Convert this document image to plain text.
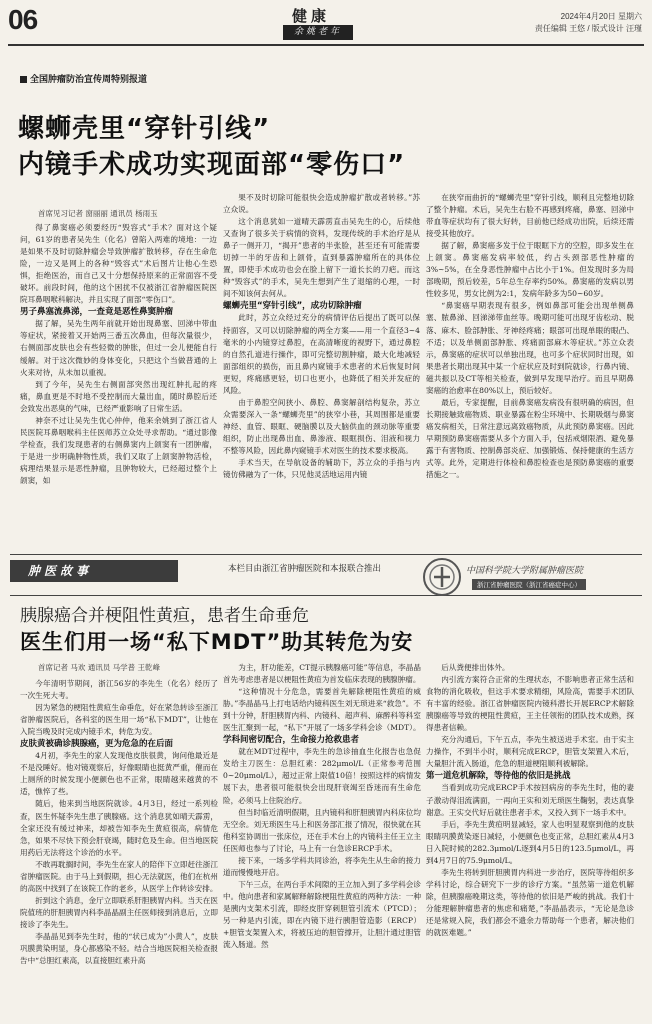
06	健康
余姚老年
2024年4月20日 星期六
责任编辑 王悠 / 版式设计 汪瑾
全国肿瘤防治宣传周特别报道
螺蛳壳里“穿针引线”
内镜手术成功实现面部“零伤口”
首席见习记者 窗丽丽 通讯员 杨雨玉

得了鼻窦癌必须要经历“毁容式”手术？面对这个疑问，61岁的患者吴先生（化名）曾陷入两难的境地：一边是如果不及时切除肿瘤会导致肿瘤扩散转移，存在生命危险，一边又是网上的各种“毁容式”术后图片让他心生恐惧，拒绝医治，而自己又十分想保持原来的正常面容不受破坏。前段时间，他的这个困扰不仅被浙江省肿瘤医院医院耳鼻咽喉科解决，并且实现了面部“零伤口”。

男子鼻塞流鼻涕，一查竟是恶性鼻窦肿瘤

据了解，吴先生两年前就开始出现鼻塞、回涕中带血等症状，紧接着又开始两三番五次鼻血，但每次量很少，右侧面部皮肤也会有些轻微的肿胀，但过一会儿便能自行缓解。对于这次微妙的身体变化，只把这个当做普通的上火来对待，从未加以重视。

到了今年，吴先生右侧面部突然出现红肿扎起的疼痛，鼻血更是不时地不受控制而大量出血，随时鼻腔后还会致发出恶臭的气味，已经严重影响了日常生活。

神奈不过让吴先生优心仲仲，他来余姚到了浙江省人民医院耳鼻咽喉科主任医师苏立众处寻求帮助。“通过影像学检查，我们发现患者的右侧鼻窦内上颌窦有一团肿瘤，于是进一步明确肿物性质，我们又取了上颌窦肿物活检，病理结果显示是恶性肿瘤，且肿物较大，已经超过整个上颌窦，如

果不及时切除可能很快会造成肿瘤扩散或者转移。”苏立众说。

这个消息犹如一道晴天霹雳直击吴先生的心，后续他又查询了很多关于病情的资料，发现传统的手术治疗是从鼻子一侧开刀，“揭开”患者的半张脸，甚至还有可能需要切掉一半的牙齿和上颌骨，直到暴露肿瘤所在的具体位置，即使手术成功也会在脸上留下一道长长的刀疤。而这种“毁容式”的手术，吴先生想到产生了退缩的心理，一时间不知该何去何从。

螺蛳壳里“穿针引线”，成功切除肿瘤

此时，苏立众经过充分的病情评估后提出了既可以保持面容，又可以切除肿瘤的两全方案——用一个直径3~4毫米的小内镜穿过鼻腔，在高清晰度的视野下，通过鼻腔的自然孔道进行操作，即可完整切割肿瘤，最大化地减轻面部组织的损伤，而且鼻内窥镜手术患者的术后恢复时间更短，疼痛感更轻，切口也更小，也降低了相关并发症的风险。

由于鼻腔空间狭小、鼻腔、鼻窦解剖结构复杂，苏立众需要深入一条“螺蛳壳里”的狭窄小巷，其周围都是重要神经、血管、眼眶、硬脑膜以及大脑供血的颈动脉等重要组织，防止出现鼻出血、鼻渗液、眼眶损伤、泪液和视力不整等风险，因此鼻内窥镜手术对医生的技术要求极高。

手术当天，在导航设备的辅助下，苏立众的手指与内镜仿佛融为了一体，只见他灵活地运用内镜

在狭窄而曲折的“螺蛳壳里”穿针引线，顺利且完整地切除了整个肿瘤。术后，吴先生右脸不再感到疼痛，鼻塞、回涕中带血等症状均有了很大好转，目前他已经成功出院，后续还需接受其他放疗。

据了解，鼻窦癌多发于位于眼眶下方的空腔，即多发生在上颌窦。鼻窦癌发病率较低，约占头颈部恶性肿瘤的3%~5%，在全身恶性肿瘤中占比小于1%。但发现时多为局部晚期，预后较差，5年总生存率约50%。鼻窦癌的发病以男性较多见，男女比例为2:1，发病年龄多为50~60岁。

“鼻窦癌早期表现有很多，例如鼻部可能会出现单侧鼻塞、脓鼻涕、回涕涕带血丝等。晚期可能可出现牙齿松动、脱落、麻木、脸部肿胀、牙神经疼痛；眼部可出现单眼的眼凸、不适；以及单侧面部肿胀、疼痛面部麻木等症状。”苏立众表示，鼻窦癌的症状可以单独出现，也可多个症状同时出现，如果患者长期出现其中某一个症状应及时到院就诊，行鼻内镜、磁共振以及CT等相关检查，做到早发现早治疗。而且早期鼻窦癌的治愈率在80%以上，预后较好。

最后，专家提醒，目前鼻窦癌发病没有很明确的病因，但长期接触致癌物质、职业暴露在粉尘环境中、长期吸烟与鼻窦癌发病相关，日常注意远离致癌物质，从此预防鼻窦癌。因此早期预防鼻窦癌需要从多个方面入手，包括戒烟限酒、避免暴露于有害物质、控制鼻部炎症、加强锻炼、保持健康的生活方式等。此外，定期进行体检和鼻腔检查也是预防鼻窦癌的重要措施之一。

肿医故事	本栏目由浙江省肿瘤医院和本报联合推出	中国科学院大学附属肿瘤医院
浙江省肿瘤医院（浙江省癌症中心）
胰腺癌合并梗阻性黄疸，患者生命垂危
医生们用一场“私下MDT”助其转危为安
首席记者 马欢 通讯员 马学普 王乾峰

今年清明节期间，浙江56岁的李先生（化名）经历了一次生死大考。

因为紧急的梗阻性黄疸生命垂危，好在紧急转诊至浙江省肿瘤医院后，各科室的医生用一场“私下MDT”，让他在入院当晚及时完成内镜手术，转危为安。

皮肤黄被确诊胰腺癌，更为危急的在后面

4月初，李先生的家人发现他皮肤很黄，询问他最近是不是没睡好。他对镜观察后，好像眼睛也挺黄严重，催而在上厕所的时候发现小便颜色也不正常，眼睛越来越黄的不适，憔悴了些。

随后，他来到当地医院就诊。4月3日，经过一系列检查，医生怀疑李先生患了胰腺癌。这个消息犹如晴天霹雳，全家还没有缓过神来，却被告知李先生黄疸很高，病情危急，如果不尽快下预会肝衰竭，随时危及生命。但当地医院用药后无法将这个诊治的水平。

不敢再耽搁时间，李先生在家人的陪伴下立即赶往浙江省肿瘤医院。由于马上到假期，担心无法就医，他们在杭州的高医中找到了在该院工作的老乡，从医学上作转诊安排。

折到这个消息，金厅立即联系肝胆胰胃内科。当天在医院值班的肝胆胰胃内科李晶晶副主任医师接到消息后，立即接诊了李先生。

李晶晶见到李先生时，他的“状已成为”小黄人”，皮肤巩膜黄染明显，身心都感染不轻。结合当地医院相关检查报告中“总胆红素高，以直接胆红素升高

为主，肝功能差，CT提示胰腺癌可能”等信息，李晶晶首先考虑患者是以梗阻性黄疸为首发临床表现的胰腺肿瘤。

“这种情况十分危急，需要首先解除梗阻性黄疸的威胁。”李晶晶马上打电话给内镜科医生刘无琐进来“救急”。不到十分钟，肝胆胰胃内科、内镜科、超声科、麻醉科等科室医生汇聚到一起，“私下”开展了一场多学科会诊（MDT）。

学科间密切配合，生命接力抢救患者

就在MDT过程中，李先生的急诊抽血生化报告也急促发给主刀医生：总胆红素：282μmol/L（正常参考范围0~20μmol/L），超过正常上限值10倍！按照这样的病情发展下去，患者很可能很快会出现肝衰竭至昏迷而有生命危险，必须马上住院治疗。

但当时临近清明假期，且内镜科和肝胆胰胃内科床位均无空余。刘无琐医生马上和医务部汇报了情况，很快就在其他科室协调出一张床位，还在手术台上的内镜科主任王立主任医师也参与了讨论，马上有一台急诊ERCP手术。

接下来，一场多学科共同诊治，将李先生从生命的接力道而慢慢地开启。

下午三点，在两台手术间隙的王立加入到了多学科会诊中。他向患者和家属解释解除梗阻性黄疸的两种方法：一种是胰内支架术引流，即经皮肝穿刺胆管引流术（PTCD）；另一种是内引流，即在内镜下进行胰胆管造影（ERCP）+胆管支架置入术，将被压迫的胆管撑开，让胆汁通过胆管流入肠道。然

后从粪便排出体外。

内引流方案符合正常的生理状态，不影响患者正常生活和食物的消化吸收，但这手术要求精细，风险高，需要手术团队有丰富的经验。浙江省肿瘤医院内镜科潜长开展ERCP术解除胰腺癌等导致的梗阻性黄疸，王主任领衔的团队技术成熟，探得患者信赖。

充分沟通后，下午五点，李先生被送进手术室。由于实主力操作，不到半小时，顺利完成ERCP，胆管支架置入术后，大量胆汁流入肠道，危急的胆道梗阻顺利被解除。

第一道危机解除，等待他的依旧是挑战

当看到成功完成ERCP手术按回病房的李先生时，他的妻子激动得泪流满面，一再向王实和刘无琐医生鞠躬，表达真挚谢意。王实交代好后就往患者手术，又投入到下一场手术中。

手后，李先生黄疸明显减轻，家人也明显观察到他的皮肤眼睛巩膜黄染逐日减轻，小便颜色也变正常，总胆红素从4月3日入院时候的282.3μmol/L逐到4月5日的123.5μmol/L，再到4月7日的75.9μmol/L。

李先生将转到肝胆胰胃内科进一步治疗，医院等待组织多学科讨论，综合研究下一步的诊疗方案。“虽然第一道危机解除，但胰腺癌晚期这类，等待他的依旧是严峻的挑战。我们十分能理解肿瘤患者的焦虑和痛楚，”李晶晶表示，“无论是急诊还是常规入院，我们都会不遗余力帮助每一个患者，解决他们的就医难题。”
